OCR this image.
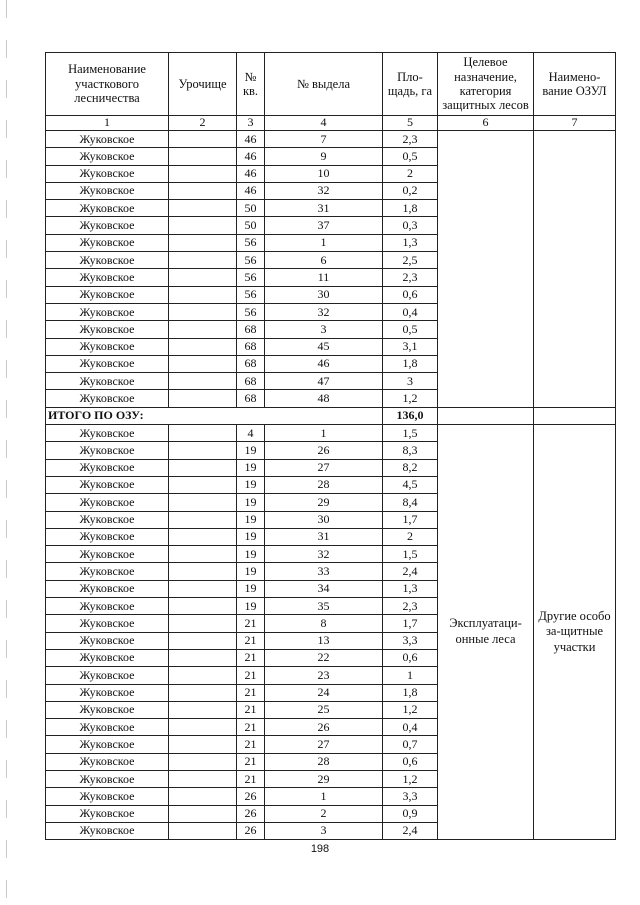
Наименование участкового лесничества	Урочище	№ кв.	№ выдела	Пло-щадь, га	Целевое назначение, категория защитных лесов	Наимено-вание ОЗУЛ
1	2	3	4	5	6	7
Жуковское		46	7	2,3		
Жуковское		46	9	0,5		
Жуковское		46	10	2		
Жуковское		46	32	0,2		
Жуковское		50	31	1,8		
Жуковское		50	37	0,3		
Жуковское		56	1	1,3		
Жуковское		56	6	2,5		
Жуковское		56	11	2,3		
Жуковское		56	30	0,6		
Жуковское		56	32	0,4		
Жуковское		68	3	0,5		
Жуковское		68	45	3,1		
Жуковское		68	46	1,8		
Жуковское		68	47	3		
Жуковское		68	48	1,2		
ИТОГО ПО ОЗУ:				136,0		
Жуковское		4	1	1,5	Эксплуатаци-онные леса	Другие особо за-щитные участки
Жуковское		19	26	8,3		
Жуковское		19	27	8,2		
Жуковское		19	28	4,5		
Жуковское		19	29	8,4		
Жуковское		19	30	1,7		
Жуковское		19	31	2		
Жуковское		19	32	1,5		
Жуковское		19	33	2,4		
Жуковское		19	34	1,3		
Жуковское		19	35	2,3		
Жуковское		21	8	1,7		
Жуковское		21	13	3,3		
Жуковское		21	22	0,6		
Жуковское		21	23	1		
Жуковское		21	24	1,8		
Жуковское		21	25	1,2		
Жуковское		21	26	0,4		
Жуковское		21	27	0,7		
Жуковское		21	28	0,6		
Жуковское		21	29	1,2		
Жуковское		26	1	3,3		
Жуковское		26	2	0,9		
Жуковское		26	3	2,4		
198
